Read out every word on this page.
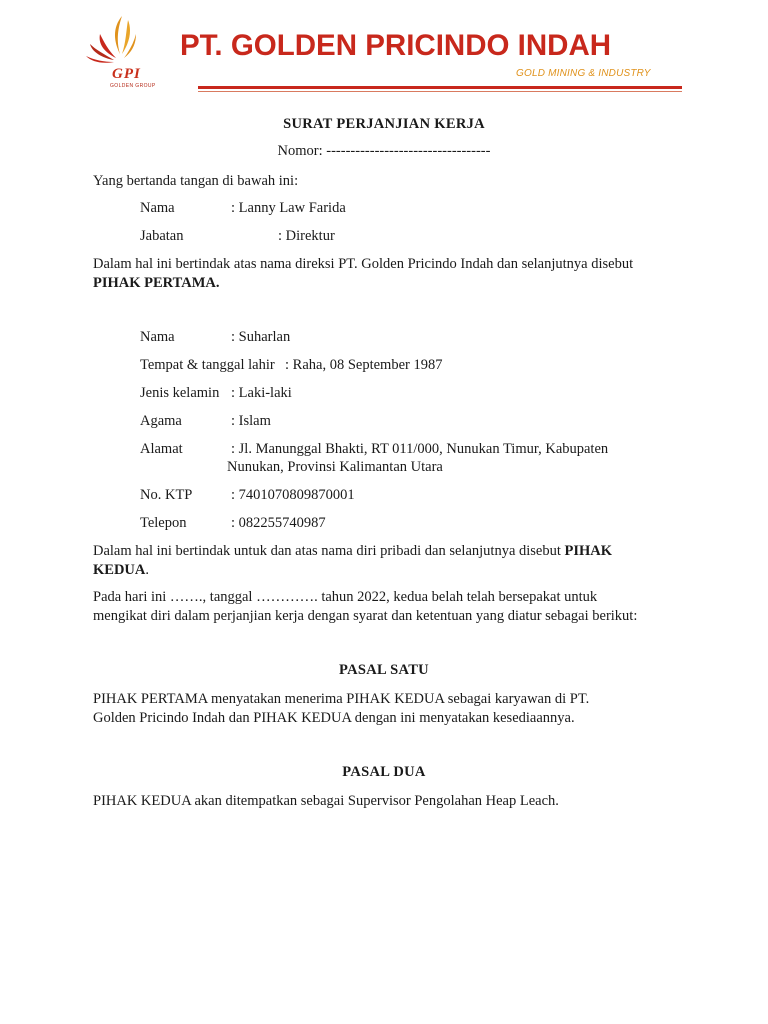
GPI
GOLDEN GROUP
PT. GOLDEN PRICINDO INDAH
GOLD MINING & INDUSTRY
SURAT PERJANJIAN KERJA
Nomor: ----------------------------------
Yang bertanda tangan di bawah ini:
Nama	: Lanny Law Farida
Jabatan	: Direktur
Dalam hal ini bertindak atas nama direksi PT. Golden Pricindo Indah dan selanjutnya disebut
PIHAK PERTAMA.
Nama	: Suharlan
Tempat & tanggal lahir : Raha, 08 September 1987
Jenis kelamin : Laki-laki
Agama	: Islam
Alamat	: Jl. Manunggal Bhakti, RT 011/000, Nunukan Timur, Kabupaten
Nunukan, Provinsi Kalimantan Utara
No. KTP	: 7401070809870001
Telepon	: 082255740987
Dalam hal ini bertindak untuk dan atas nama diri pribadi dan selanjutnya disebut PIHAK
KEDUA.
Pada hari ini ……., tanggal …………. tahun 2022, kedua belah telah bersepakat untuk
mengikat diri dalam perjanjian kerja dengan syarat dan ketentuan yang diatur sebagai berikut:
PASAL SATU
PIHAK PERTAMA menyatakan menerima PIHAK KEDUA sebagai karyawan di PT.
Golden Pricindo Indah dan PIHAK KEDUA dengan ini menyatakan kesediaannya.
PASAL DUA
PIHAK KEDUA akan ditempatkan sebagai Supervisor Pengolahan Heap Leach.
